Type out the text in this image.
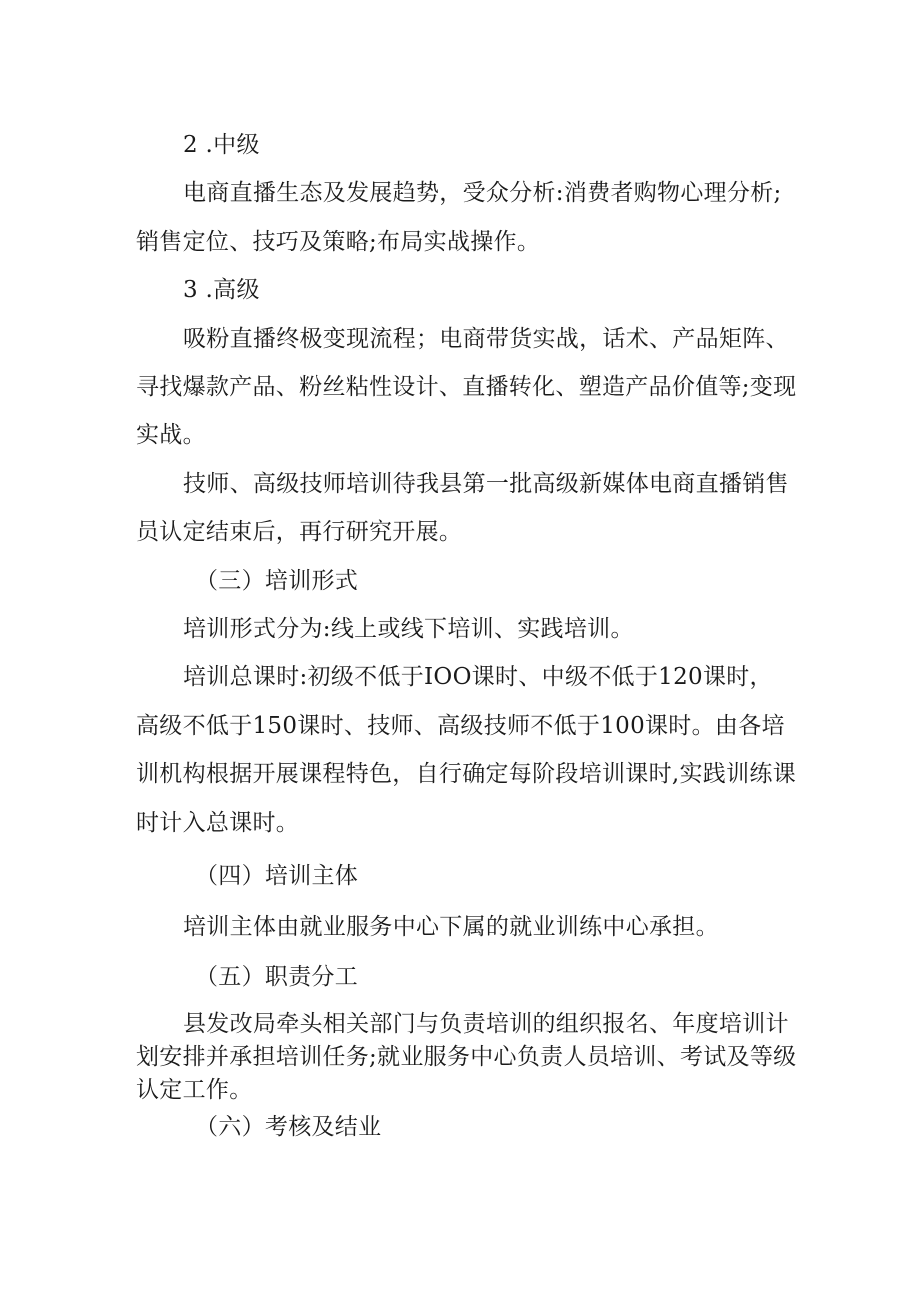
2 .中级
电商直播生态及发展趋势，受众分析:消费者购物心理分析;
销售定位、技巧及策略;布局实战操作。
3 .高级
吸粉直播终极变现流程；电商带货实战，话术、产品矩阵、
寻找爆款产品、粉丝粘性设计、直播转化、塑造产品价值等;变现
实战。
技师、高级技师培训待我县第一批高级新媒体电商直播销售
员认定结束后，再行研究开展。
（三）培训形式
培训形式分为:线上或线下培训、实践培训。
培训总课时:初级不低于IOO课时、中级不低于120课时，
高级不低于150课时、技师、高级技师不低于100课时。由各培
训机构根据开展课程特色，自行确定每阶段培训课时,实践训练课
时计入总课时。
（四）培训主体
培训主体由就业服务中心下属的就业训练中心承担。
（五）职责分工
县发改局牵头相关部门与负责培训的组织报名、年度培训计
划安排并承担培训任务;就业服务中心负责人员培训、考试及等级
认定工作。
（六）考核及结业
